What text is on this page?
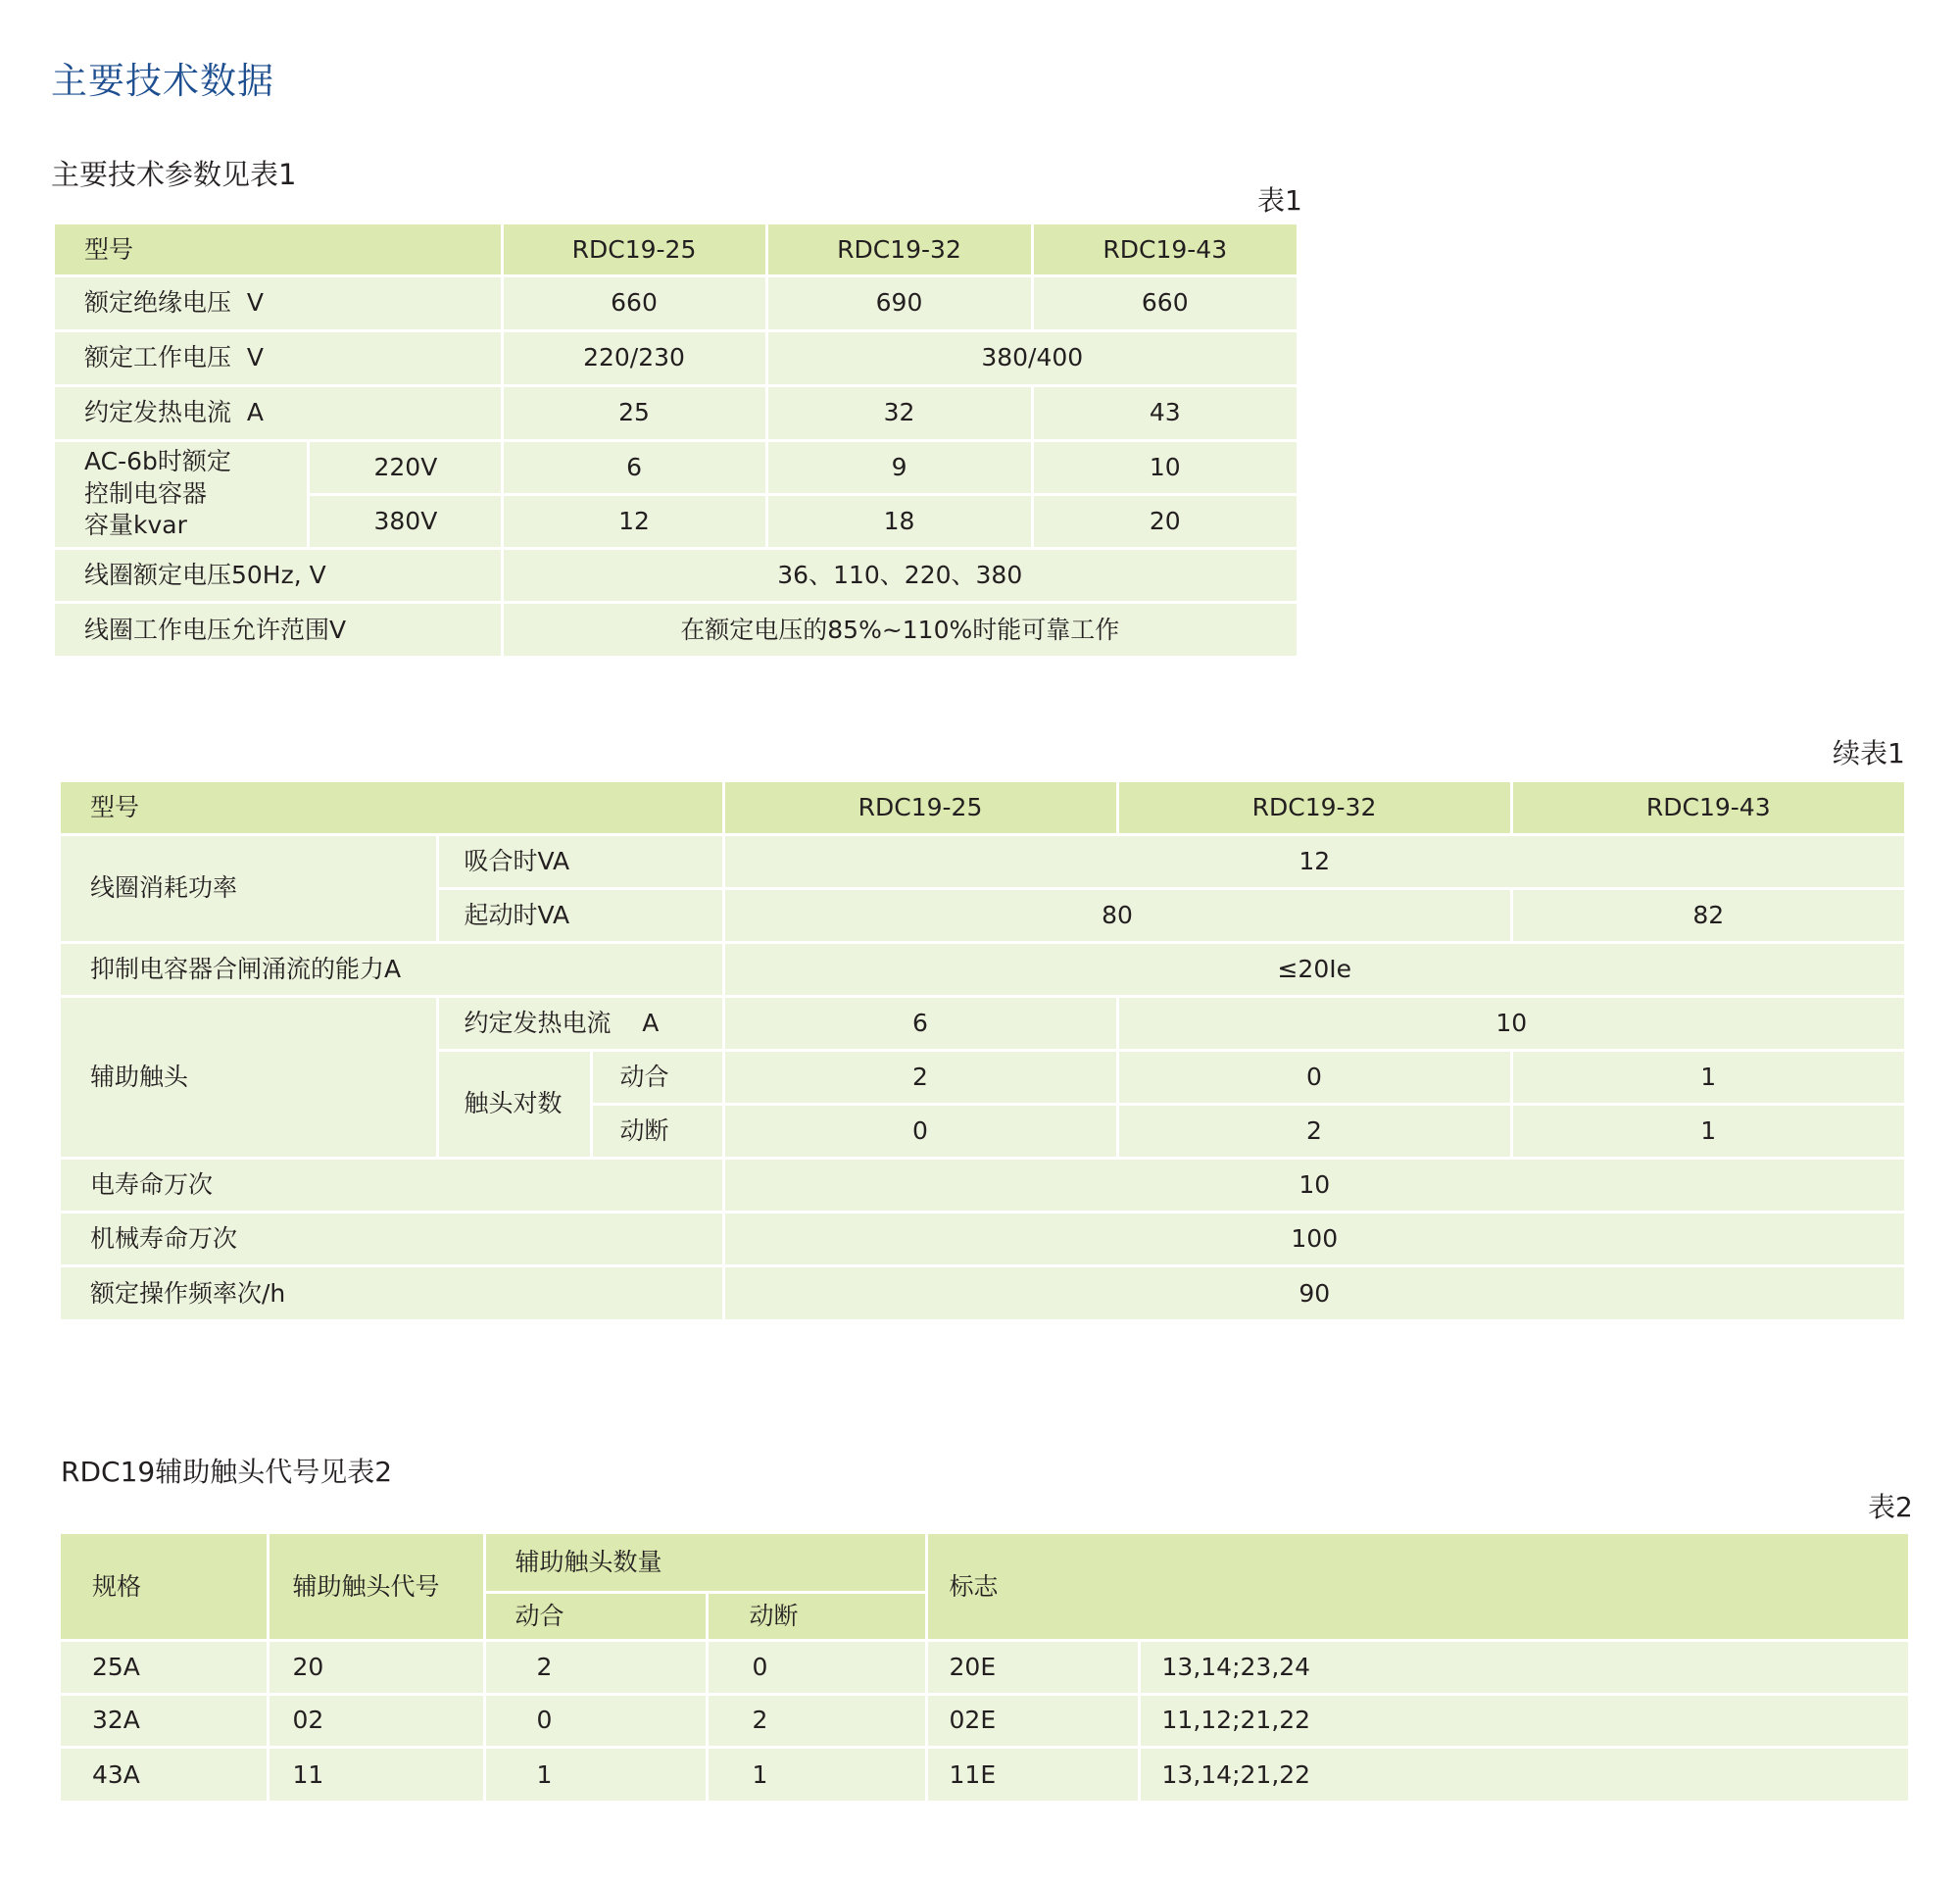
主要技术数据
主要技术参数见表1
表1
型号		RDC19-25	RDC19-32	RDC19-43
额定绝缘电压  V		660	690	660
额定工作电压  V		220/230	380/400	
约定发热电流  A		25	32	43

AC-6b时额定
控制电容器
容量kvar	220V	6	9	10
	380V	12	18	20
线圈额定电压50Hz, V		36、110、220、380		
线圈工作电压允许范围V		在额定电压的85%~110%时能可靠工作		
续表1
型号			RDC19-25	RDC19-32	RDC19-43
线圈消耗功率	吸合时VA		12		
	起动时VA		80		82
抑制电容器合闸涌流的能力A			≤20Ie		
辅助触头	约定发热电流    A		6	10	
	触头对数	动合	2	0	1
		动断	0	2	1
电寿命万次			10		
机械寿命万次			100		
额定操作频率次/h			90		
RDC19辅助触头代号见表2
表2
规格	辅助触头代号	辅助触头数量		标志	
		动合	动断		
25A	20	2	0	20E	13,14;23,24
32A	02	0	2	02E	11,12;21,22
43A	11	1	1	11E	13,14;21,22
